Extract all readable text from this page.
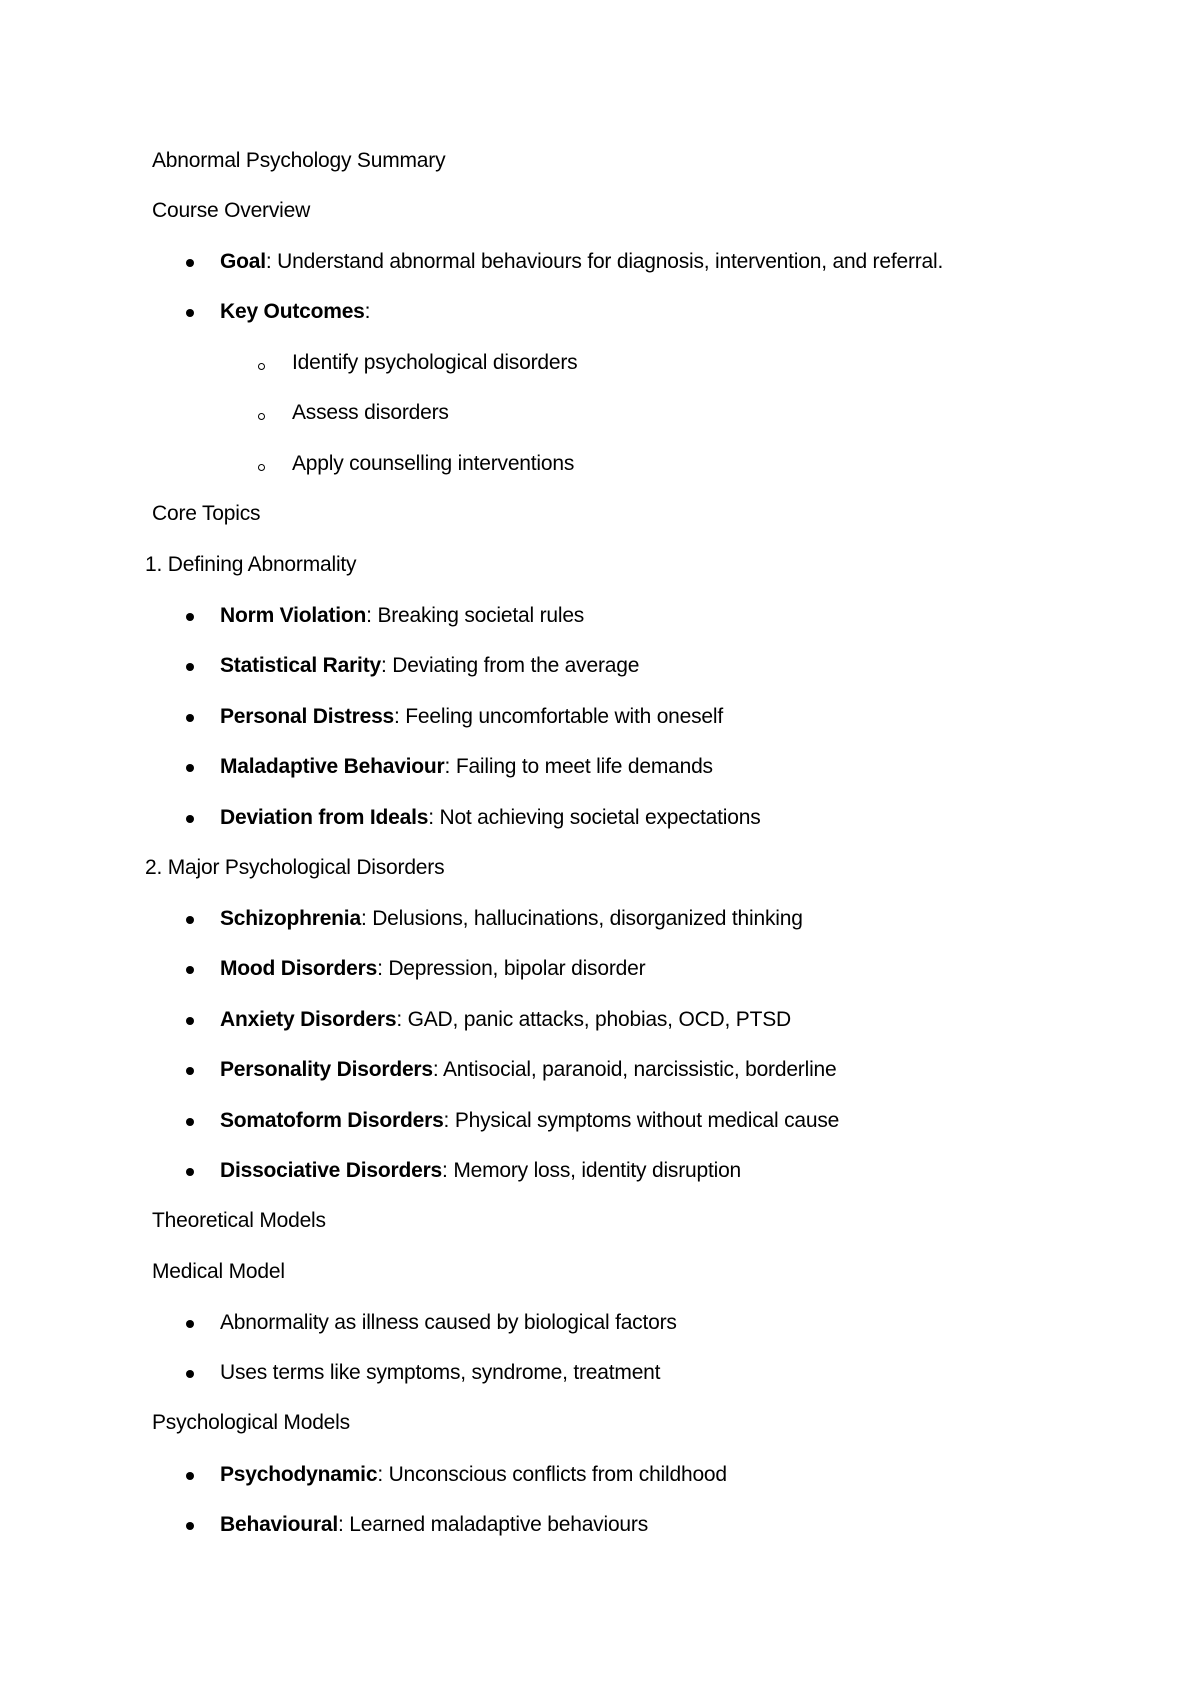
Abnormal Psychology Summary
Course Overview
Goal: Understand abnormal behaviours for diagnosis, intervention, and referral.
Key Outcomes:
Identify psychological disorders
Assess disorders
Apply counselling interventions
Core Topics
1. Defining Abnormality
Norm Violation: Breaking societal rules
Statistical Rarity: Deviating from the average
Personal Distress: Feeling uncomfortable with oneself
Maladaptive Behaviour: Failing to meet life demands
Deviation from Ideals: Not achieving societal expectations
2. Major Psychological Disorders
Schizophrenia: Delusions, hallucinations, disorganized thinking
Mood Disorders: Depression, bipolar disorder
Anxiety Disorders: GAD, panic attacks, phobias, OCD, PTSD
Personality Disorders: Antisocial, paranoid, narcissistic, borderline
Somatoform Disorders: Physical symptoms without medical cause
Dissociative Disorders: Memory loss, identity disruption
Theoretical Models
Medical Model
Abnormality as illness caused by biological factors
Uses terms like symptoms, syndrome, treatment
Psychological Models
Psychodynamic: Unconscious conflicts from childhood
Behavioural: Learned maladaptive behaviours
